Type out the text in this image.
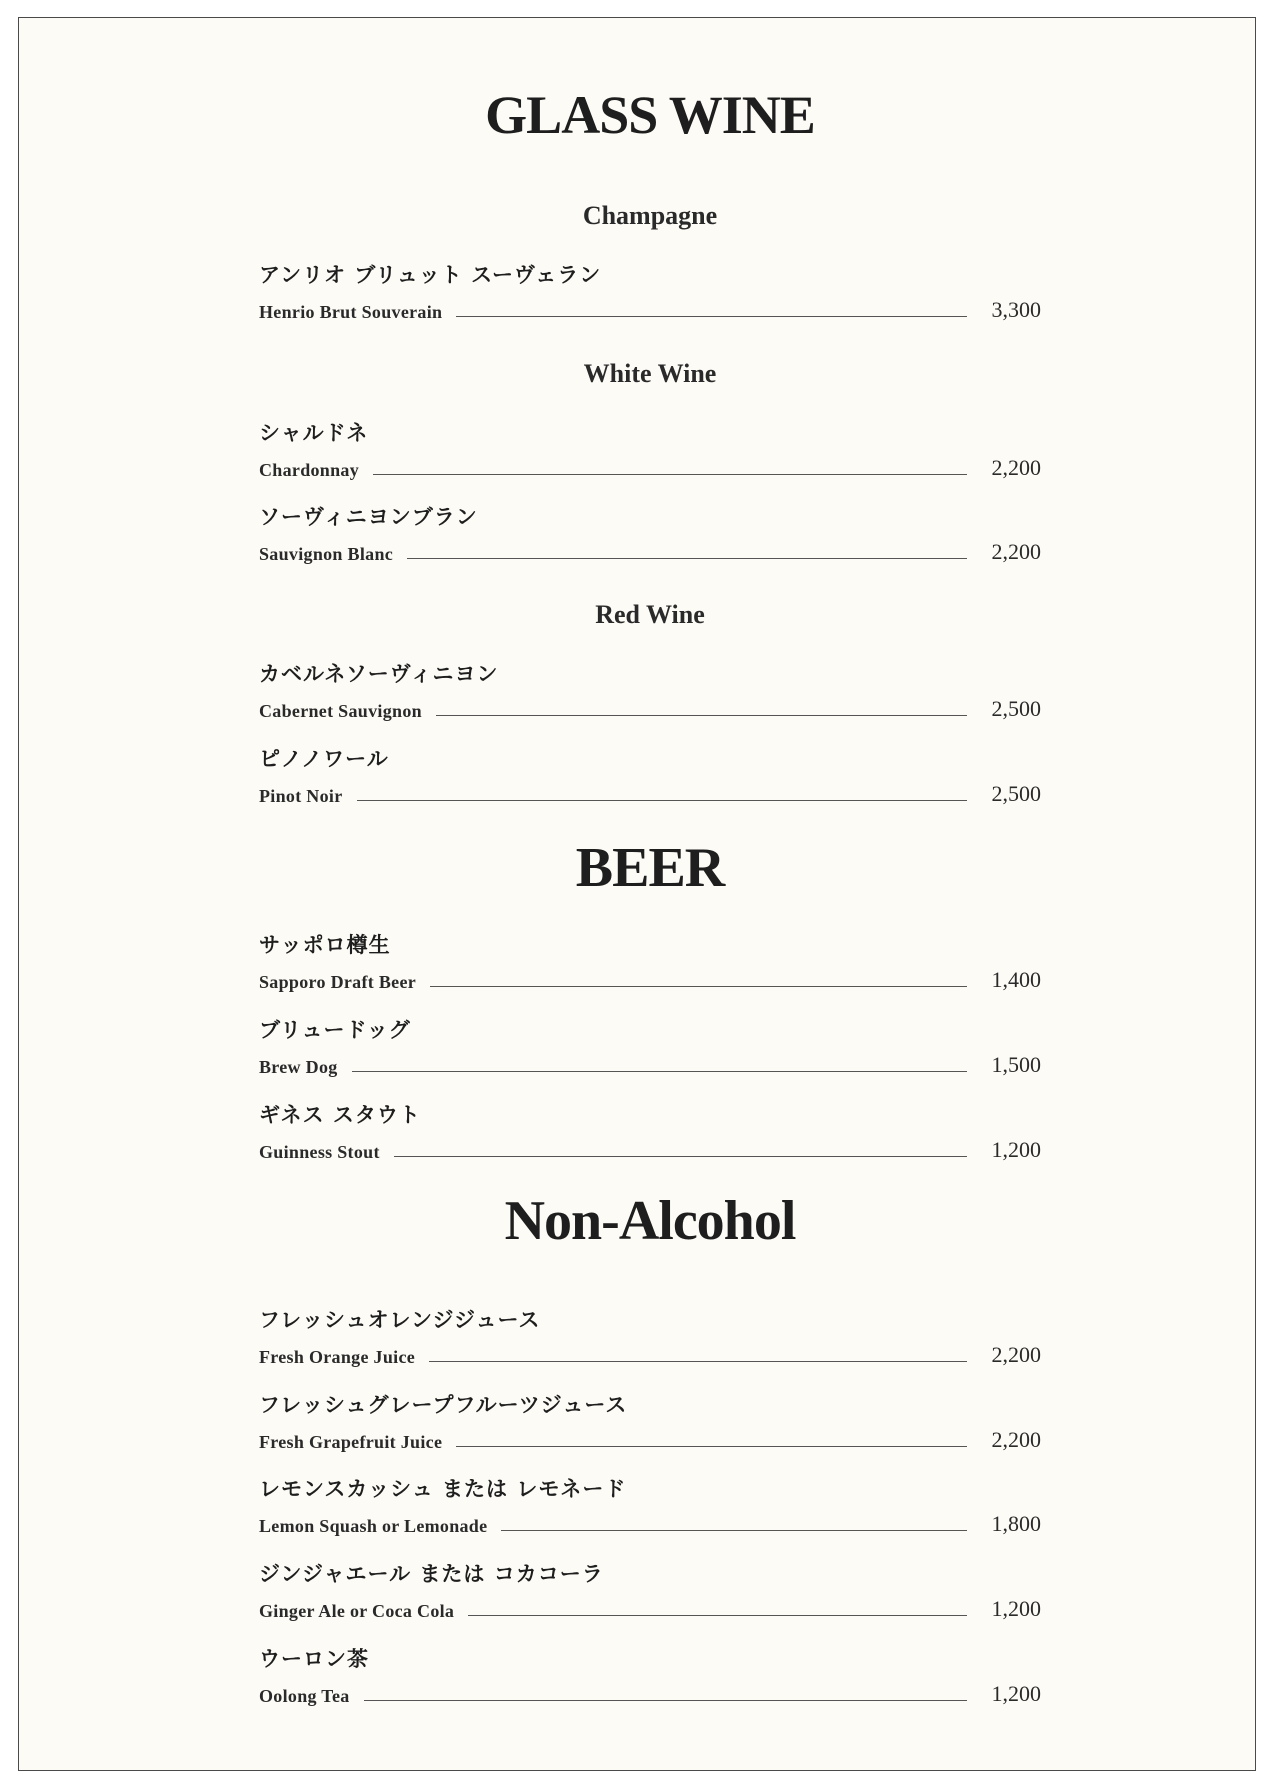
GLASS WINE
Champagne
アンリオ ブリュット スーヴェラン
Henrio Brut Souverain	3,300
White Wine
シャルドネ
Chardonnay	2,200
ソーヴィニヨンブラン
Sauvignon Blanc	2,200
Red Wine
カベルネソーヴィニヨン
Cabernet Sauvignon	2,500
ピノノワール
Pinot Noir	2,500
BEER
サッポロ樽生
Sapporo Draft Beer	1,400
ブリュードッグ
Brew Dog	1,500
ギネス スタウト
Guinness Stout	1,200
Non-Alcohol
フレッシュオレンジジュース
Fresh Orange Juice	2,200
フレッシュグレープフルーツジュース
Fresh Grapefruit Juice	2,200
レモンスカッシュ または レモネード
Lemon Squash or Lemonade	1,800
ジンジャエール または コカコーラ
Ginger Ale or Coca Cola	1,200
ウーロン茶
Oolong Tea	1,200
